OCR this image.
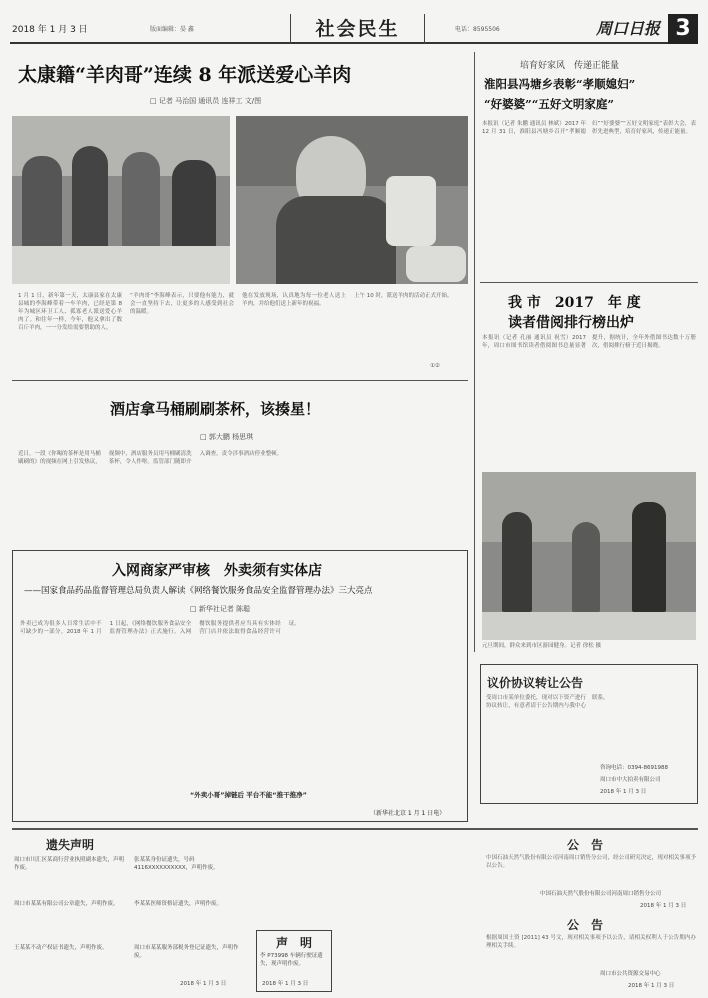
2018 年 1 月 3 日	版面编辑：晏 鑫	社会民生	电话：8595506	周口日报 3
太康籍“羊肉哥”连续 8 年派送爱心羊肉
□ 记者 马治国 通讯员 连祥工 文/图
1 月 1 日，新年第一天，太康县家在太康县城的李海峰带着一车羊肉，已经是第 8 年为城区环卫工人、孤寡老人派送爱心羊肉了。和往年一样，今年，他又拿出了数百斤羊肉，一一分发给需要帮助的人。
“羊肉哥”李海峰表示，只要他有能力，就会一直坚持下去，让更多的人感受到社会的温暖。
他在发放现场，认真地为每一位老人送上羊肉，并给他们送上新年的祝福。
上午 10 时，派送羊肉的活动正式开始。
①②
酒店拿马桶刷刷茶杯，该揍星！
□ 郭大鹏 杨思琪
近日，一段《你喝的茶杯是用马桶刷刷的》的视频在网上引发热议，视频中，酒店服务员用马桶刷清洗茶杯，令人作呕。监管部门随即介入调查，责令涉事酒店停业整顿。
入网商家严审核　外卖须有实体店
——国家食品药品监督管理总局负责人解读《网络餐饮服务食品安全监督管理办法》三大亮点
□ 新华社记者 陈聪
外卖已成为很多人日常生活中不可缺少的一部分。2018 年 1 月 1 日起，《网络餐饮服务食品安全监督管理办法》正式施行。入网餐饮服务提供者应当具有实体经营门店并依法取得食品经营许可证。
“外卖小哥”掉链后 平台不能“推干推净”
（新华社北京 1 月 1 日电）
培育好家风　传递正能量
淮阳县冯塘乡表彰“孝顺媳妇”
“好婆婆”“五好文明家庭”
本报讯（记者 朱鹏 通讯员 林斌）2017 年 12 月 31 日，淮阳县冯塘乡召开“孝顺媳妇”“好婆婆”“五好文明家庭”表彰大会，表彰先进典型，培育好家风，传递正能量。
我 市　2017　年 度
读者借阅排行榜出炉
本报讯（记者 孔丽 通讯员 祝雪）2017 年，周口市图书馆读者借阅图书总量显著提升，据统计，全年外借图书达数十万册次，借阅排行榜于近日揭晓。
元旦期间，群众来到市区游园健身。记者 徐松 摄
议价协议转让公告
受周口市某单位委托，现对以下资产进行协议转让，有意者请于公告期内与我中心联系。
咨询电话：0394-8691988
周口市中大拍卖有限公司
2018 年 1 月 3 日
遗失声明
周口市川汇区某商行营业执照副本遗失，声明作废。
张某某身份证遗失，号码 4116XXXXXXXXXX，声明作废。
周口市某某有限公司公章遗失，声明作废。	李某某医师资格证遗失，声明作废。
王某某不动产权证书遗失，声明作废。	周口市某某服务部税务登记证遗失，声明作废。
2018 年 1 月 3 日
声　明
李 P73998 车辆行驶证遗失，现声明作废。
2018 年 1 月 3 日
公　告
中国石油天然气股份有限公司河南周口销售分公司，经公司研究决定，现对相关事项予以公告。
中国石油天然气股份有限公司河南周口销售分公司
2018 年 1 月 3 日
公　告
根据周国土资 [2011] 43 号文，现对相关事项予以公告，请相关权利人于公告期内办理相关手续。
周口市公共资源交易中心
2018 年 1 月 3 日
